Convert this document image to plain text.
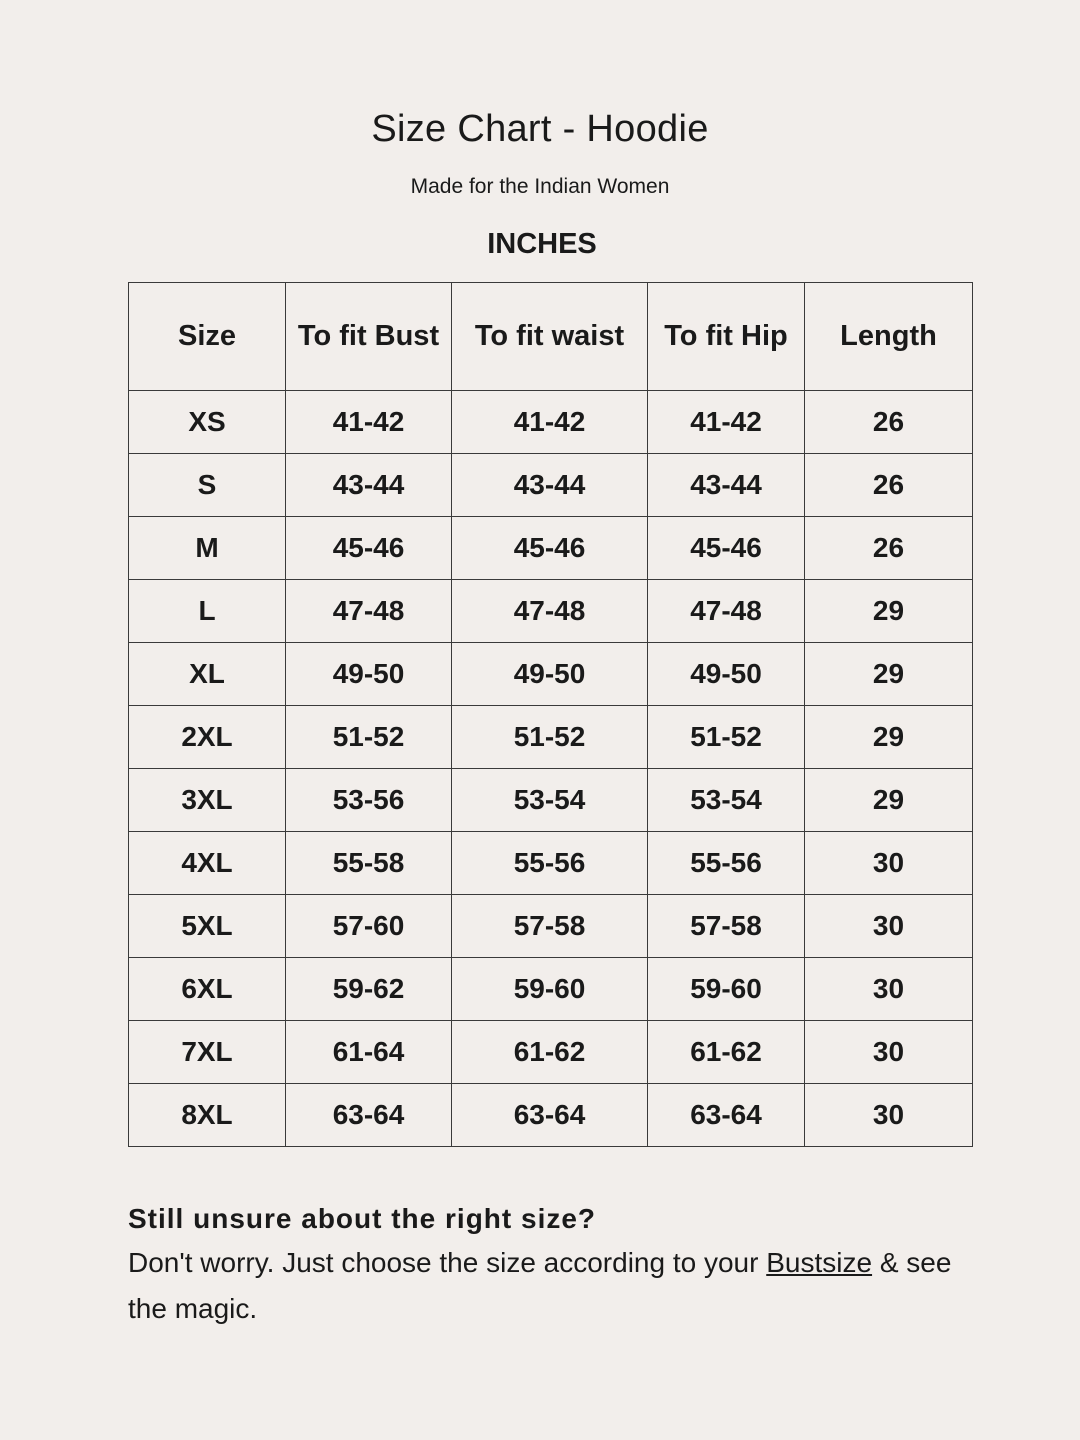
Size Chart - Hoodie
Made for the Indian Women
INCHES
Size	To fit Bust	To fit waist	To fit Hip	Length
XS	41-42	41-42	41-42	26
S	43-44	43-44	43-44	26
M	45-46	45-46	45-46	26
L	47-48	47-48	47-48	29
XL	49-50	49-50	49-50	29
2XL	51-52	51-52	51-52	29
3XL	53-56	53-54	53-54	29
4XL	55-58	55-56	55-56	30
5XL	57-60	57-58	57-58	30
6XL	59-62	59-60	59-60	30
7XL	61-64	61-62	61-62	30
8XL	63-64	63-64	63-64	30
Still unsure about the right size?
Don't worry. Just choose the size according to your Bustsize & see the magic.
